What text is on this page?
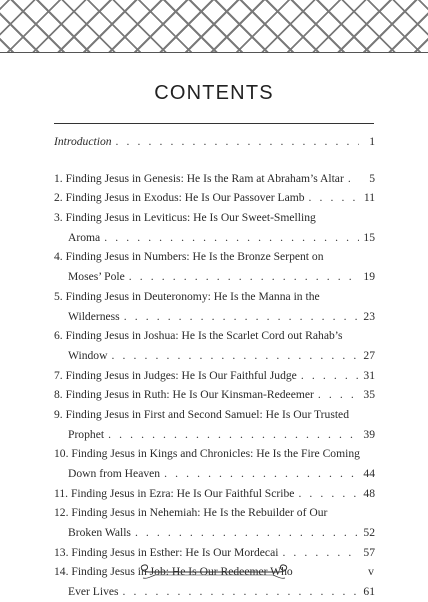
CONTENTS
Introduction . . .	1
1. Finding Jesus in Genesis: He Is the Ram at Abraham’s Altar . . .	5
2. Finding Jesus in Exodus: He Is Our Passover Lamb . . .	11
3. Finding Jesus in Leviticus: He Is Our Sweet-Smelling
Aroma . . .	15
4. Finding Jesus in Numbers: He Is the Bronze Serpent on
Moses’ Pole . . .	19
5. Finding Jesus in Deuteronomy: He Is the Manna in the
Wilderness . . .	23
6. Finding Jesus in Joshua: He Is the Scarlet Cord out Rahab’s
Window . . .	27
7. Finding Jesus in Judges: He Is Our Faithful Judge . . .	31
8. Finding Jesus in Ruth: He Is Our Kinsman-Redeemer . . .	35
9. Finding Jesus in First and Second Samuel: He Is Our Trusted
Prophet . . .	39
10. Finding Jesus in Kings and Chronicles: He Is the Fire Coming
Down from Heaven . . .	44
11. Finding Jesus in Ezra: He Is Our Faithful Scribe . . .	48
12. Finding Jesus in Nehemiah: He Is the Rebuilder of Our
Broken Walls . . .	52
13. Finding Jesus in Esther: He Is Our Mordecai . . .	57
14. Finding Jesus in Job: He Is Our Redeemer Who
Ever Lives . . .	61
v
